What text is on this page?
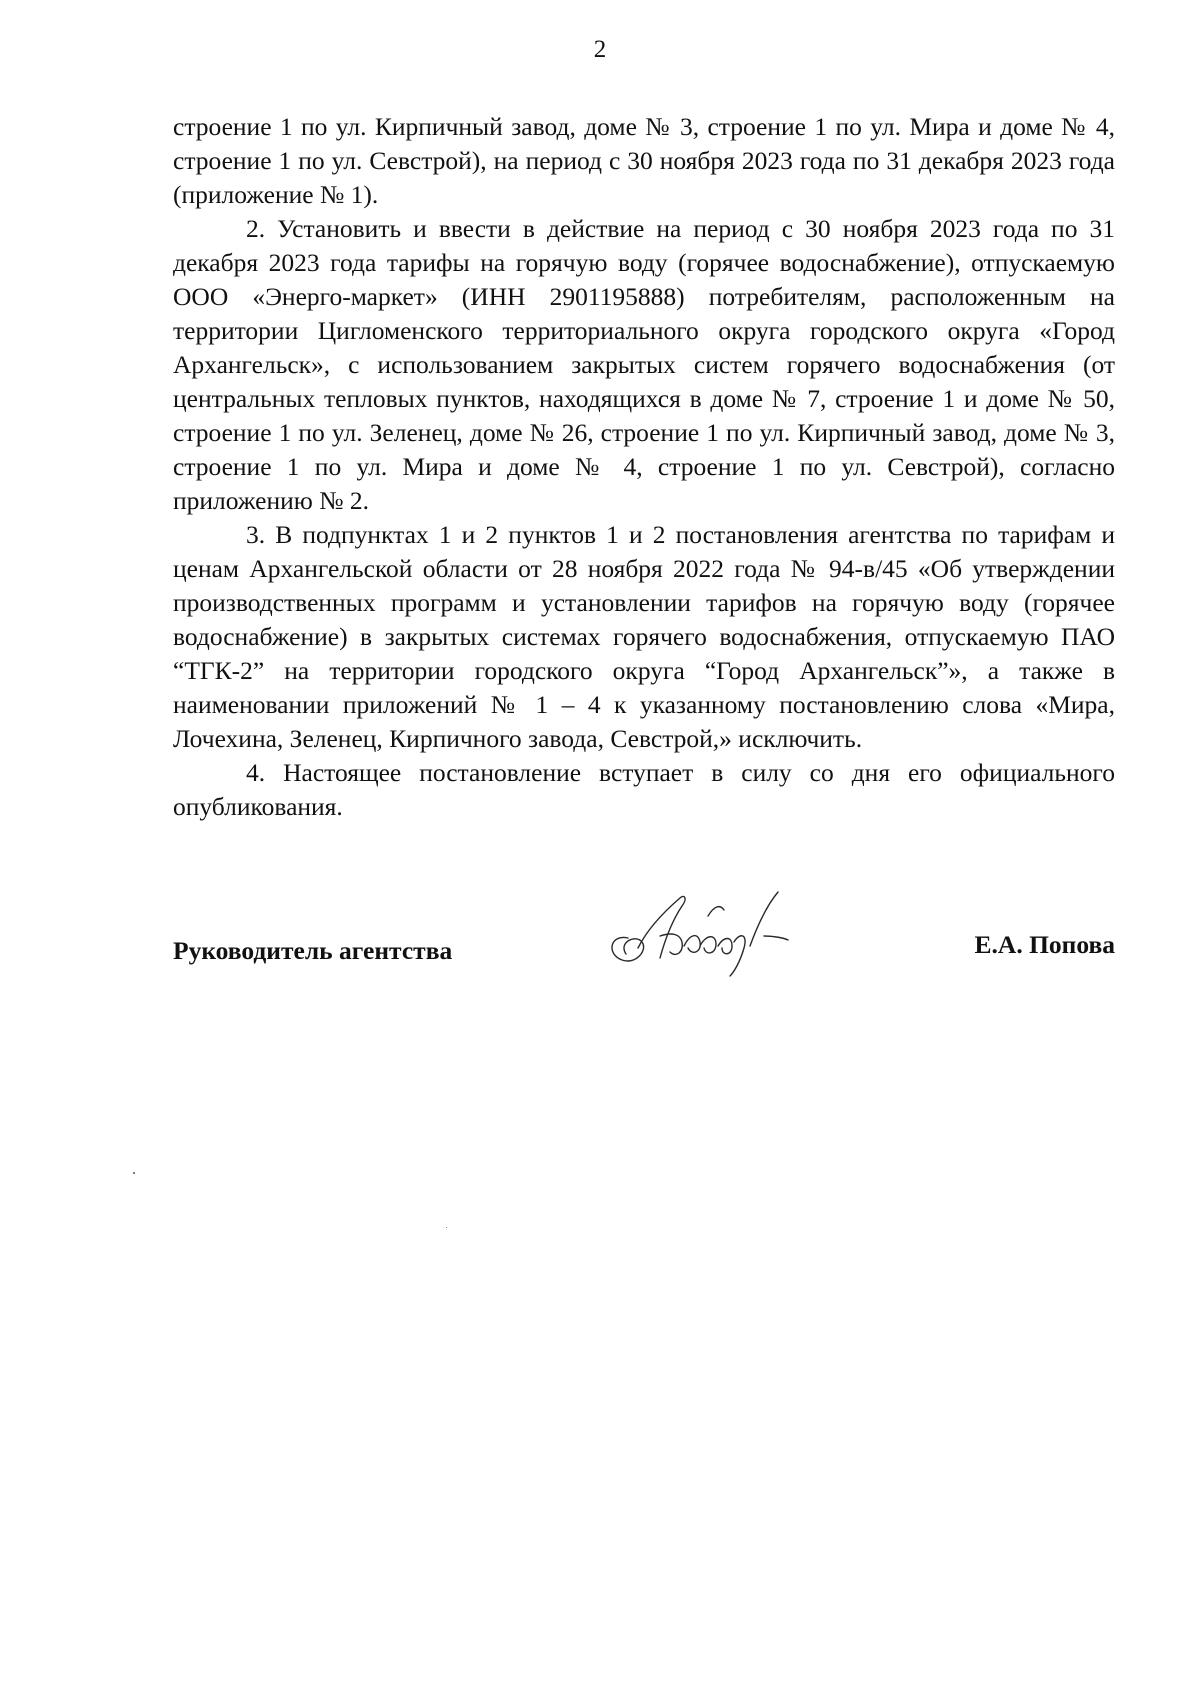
2

строение 1 по ул. Кирпичный завод, доме № 3, строение 1 по ул. Мира и доме № 4, строение 1 по ул. Севстрой), на период с 30 ноября 2023 года по 31 декабря 2023 года (приложение № 1).

2. Установить и ввести в действие на период с 30 ноября 2023 года по 31 декабря 2023 года тарифы на горячую воду (горячее водоснабжение), отпускаемую ООО «Энерго-маркет» (ИНН 2901195888) потребителям, расположенным на территории Цигломенского территориального округа городского округа «Город Архангельск», с использованием закрытых систем горячего водоснабжения (от центральных тепловых пунктов, находящихся в доме № 7, строение 1 и доме № 50, строение 1 по ул. Зеленец, доме № 26, строение 1 по ул. Кирпичный завод, доме № 3, строение 1 по ул. Мира и доме № 4, строение 1 по ул. Севстрой), согласно приложению № 2.

3. В подпунктах 1 и 2 пунктов 1 и 2 постановления агентства по тарифам и ценам Архангельской области от 28 ноября 2022 года № 94-в/45 «Об утверждении производственных программ и установлении тарифов на горячую воду (горячее водоснабжение) в закрытых системах горячего водоснабжения, отпускаемую ПАО “ТГК-2” на территории городского округа “Город Архангельск”», а также в наименовании приложений № 1 – 4 к указанному постановлению слова «Мира, Лочехина, Зеленец, Кирпичного завода, Севстрой,» исключить.

4. Настоящее постановление вступает в силу со дня его официального опубликования.

Руководитель агентства	Е.А. Попова
